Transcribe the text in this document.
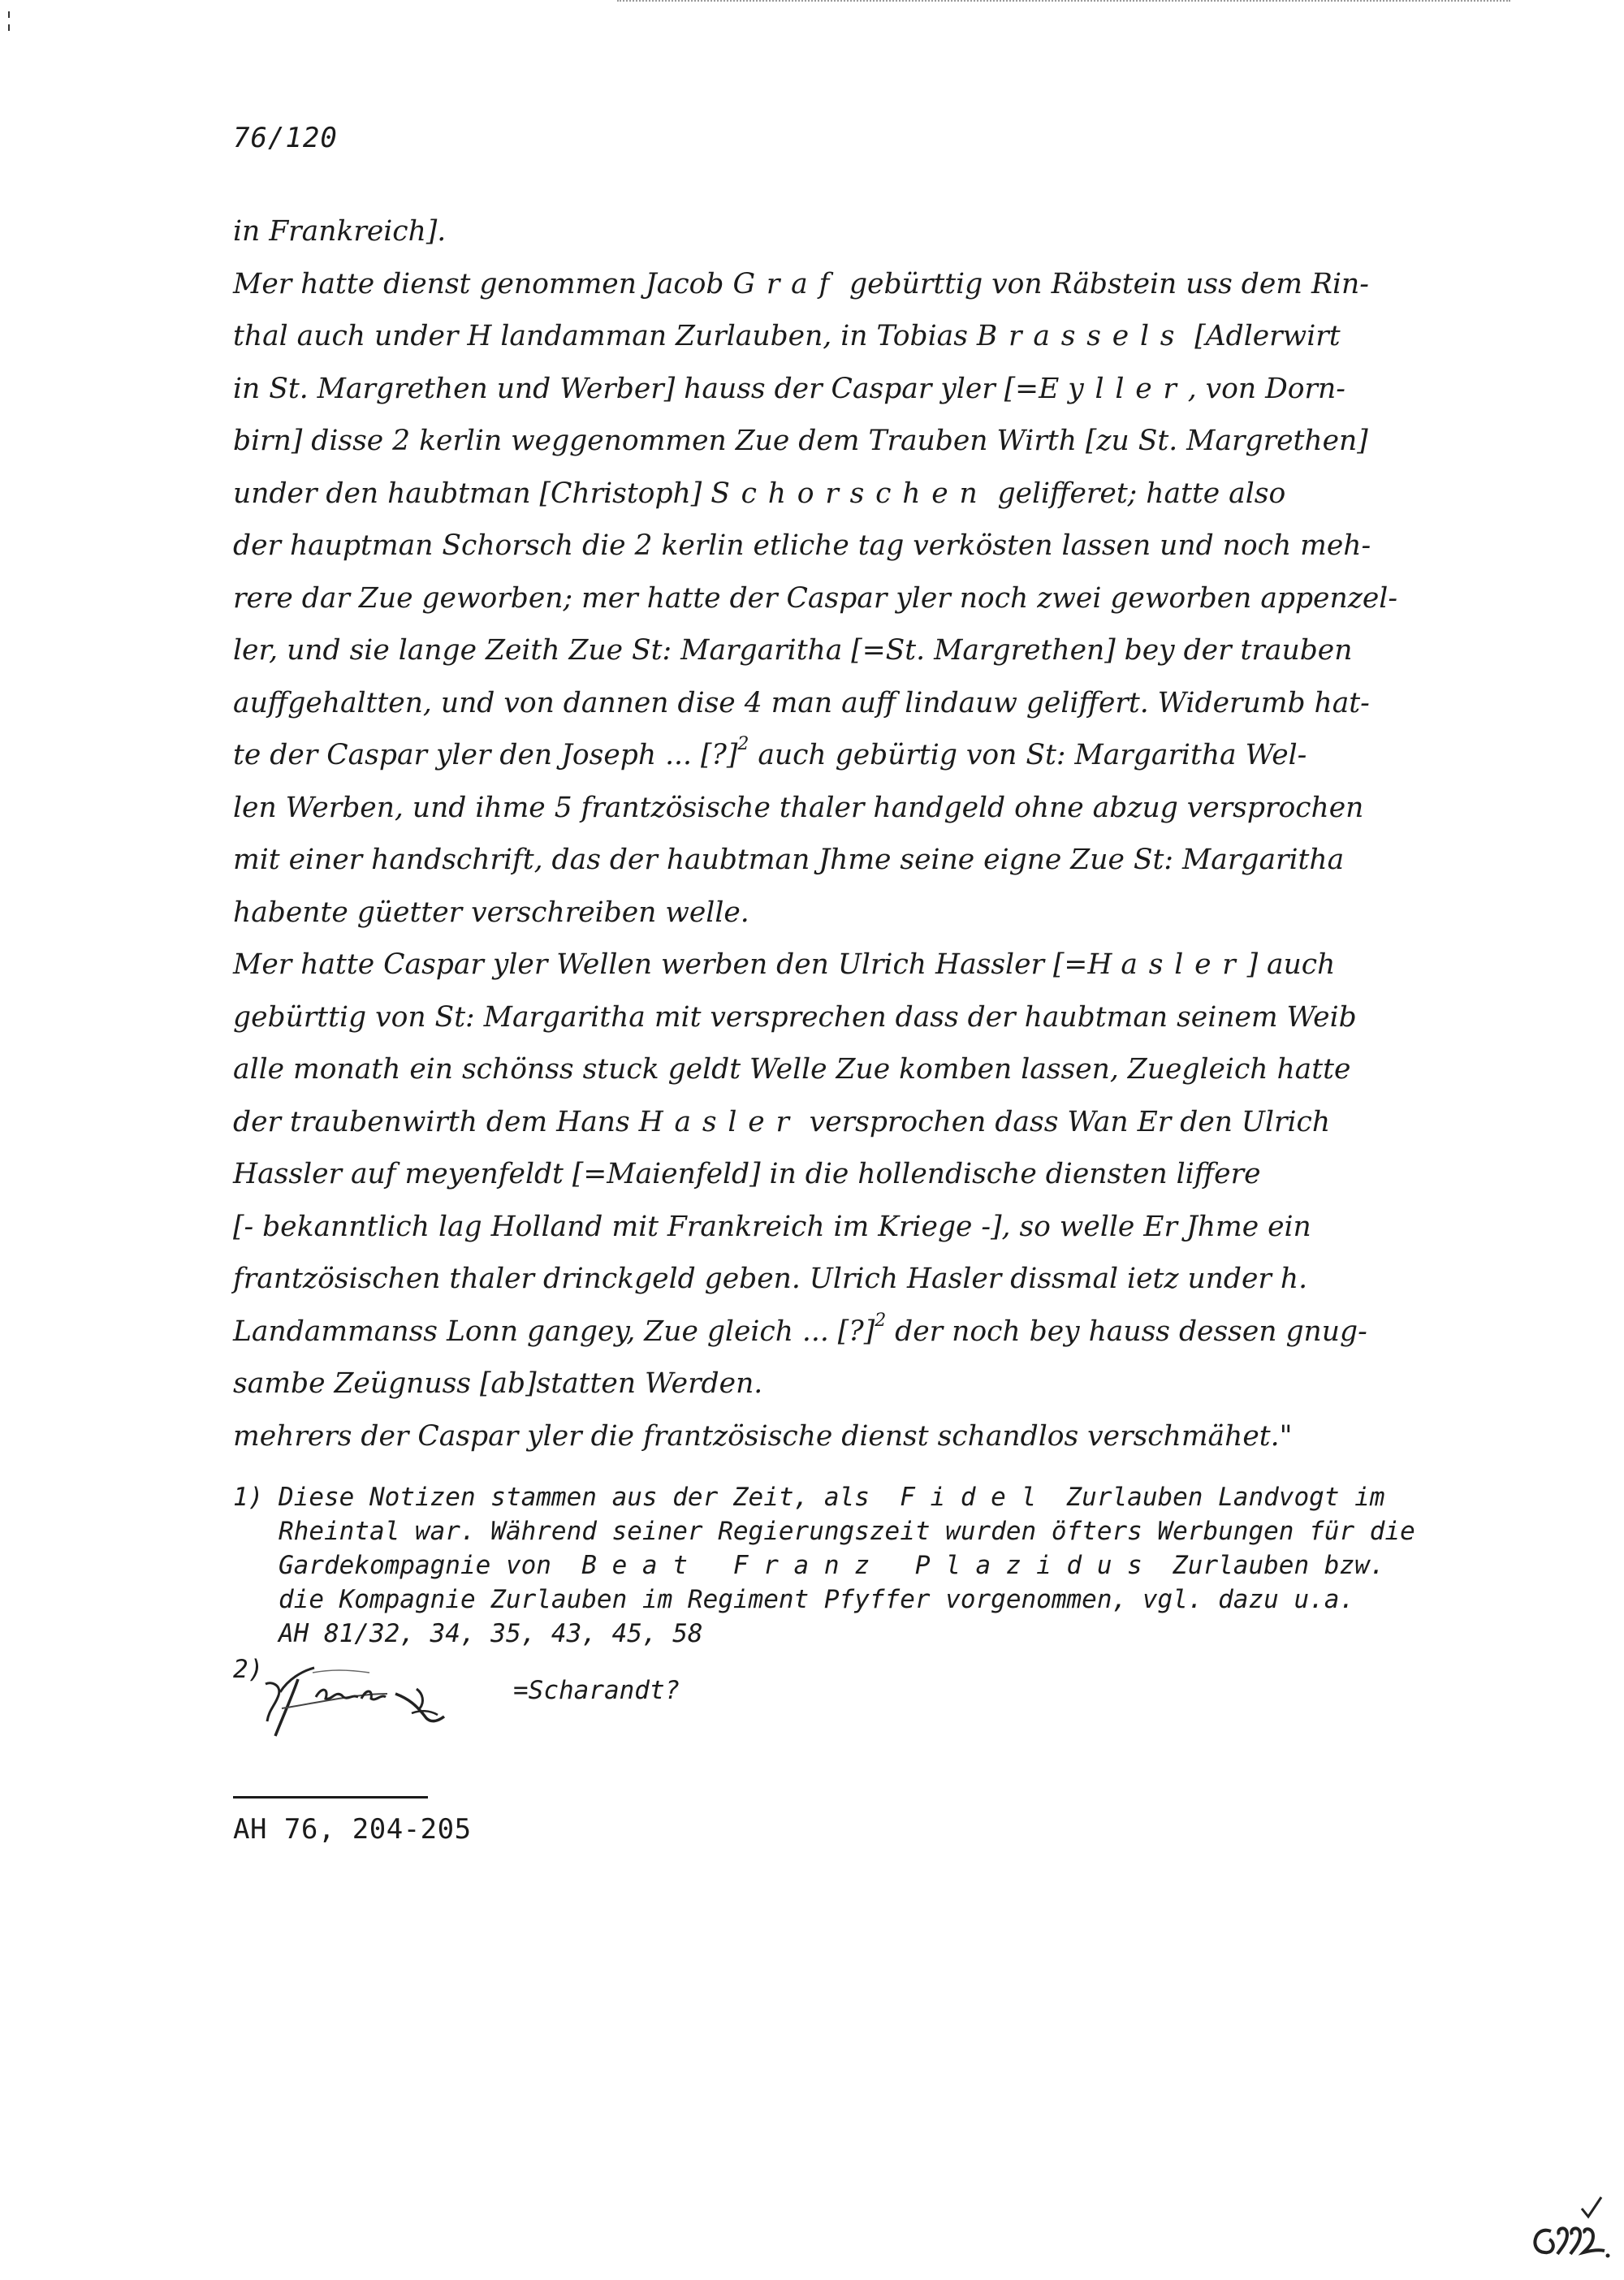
76/120
in Frankreich].
Mer hatte dienst genommen Jacob Graf gebürttig von Räbstein uss dem Rin-
thal auch under H landamman Zurlauben, in Tobias Brassels [Adlerwirt
in St. Margrethen und Werber] hauss der Caspar yler [=E yller, von Dorn-
birn] disse 2 kerlin weggenommen Zue dem Trauben Wirth [zu St. Margrethen]
under den haubtman [Christoph] Schorschen gelifferet; hatte also
der hauptman Schorsch die 2 kerlin etliche tag verkösten lassen und noch meh-
rere dar Zue geworben; mer hatte der Caspar yler noch zwei geworben appenzel-
ler, und sie lange Zeith Zue St: Margaritha [=St. Margrethen] bey der trauben
auffgehaltten, und von dannen dise 4 man auff lindauw geliffert. Widerumb hat-
te der Caspar yler den Joseph ... [?]$^2$ auch gebürtig von St: Margaritha Wel-
len Werben, und ihme 5 frantzösische thaler handgeld ohne abzug versprochen
mit einer handschrift, das der haubtman Jhme seine eigne Zue St: Margaritha
habente güetter verschreiben welle.
Mer hatte Caspar yler Wellen werben den Ulrich Hassler [=H asler] auch
gebürttig von St: Margaritha mit versprechen dass der haubtman seinem Weib
alle monath ein schönss stuck geldt Welle Zue komben lassen, Zuegleich hatte
der traubenwirth dem Hans Hasler versprochen dass Wan Er den Ulrich
Hassler auf meyenfeldt [=Maienfeld] in die hollendische diensten liffere
[- bekanntlich lag Holland mit Frankreich im Kriege -], so welle Er Jhme ein
frantzösischen thaler drinckgeld geben. Ulrich Hasler dissmal ietz under h.
Landammanss Lonn gangey, Zue gleich ... [?]$^2$ der noch bey hauss dessen gnug-
sambe Zeügnuss [ab]statten Werden.
mehrers der Caspar yler die frantzösische dienst schandlos verschmähet."
1) Diese Notizen stammen aus der Zeit, als  F i d e l  Zurlauben Landvogt im
Rheintal war. Während seiner Regierungszeit wurden öfters Werbungen für die
Gardekompagnie von  B e a t   F r a n z   P l a z i d u s  Zurlauben bzw.
die Kompagnie Zurlauben im Regiment Pfyffer vorgenommen, vgl. dazu u.a.
AH 81/32, 34, 35, 43, 45, 58
2)
=Scharandt?
AH 76, 204-205
